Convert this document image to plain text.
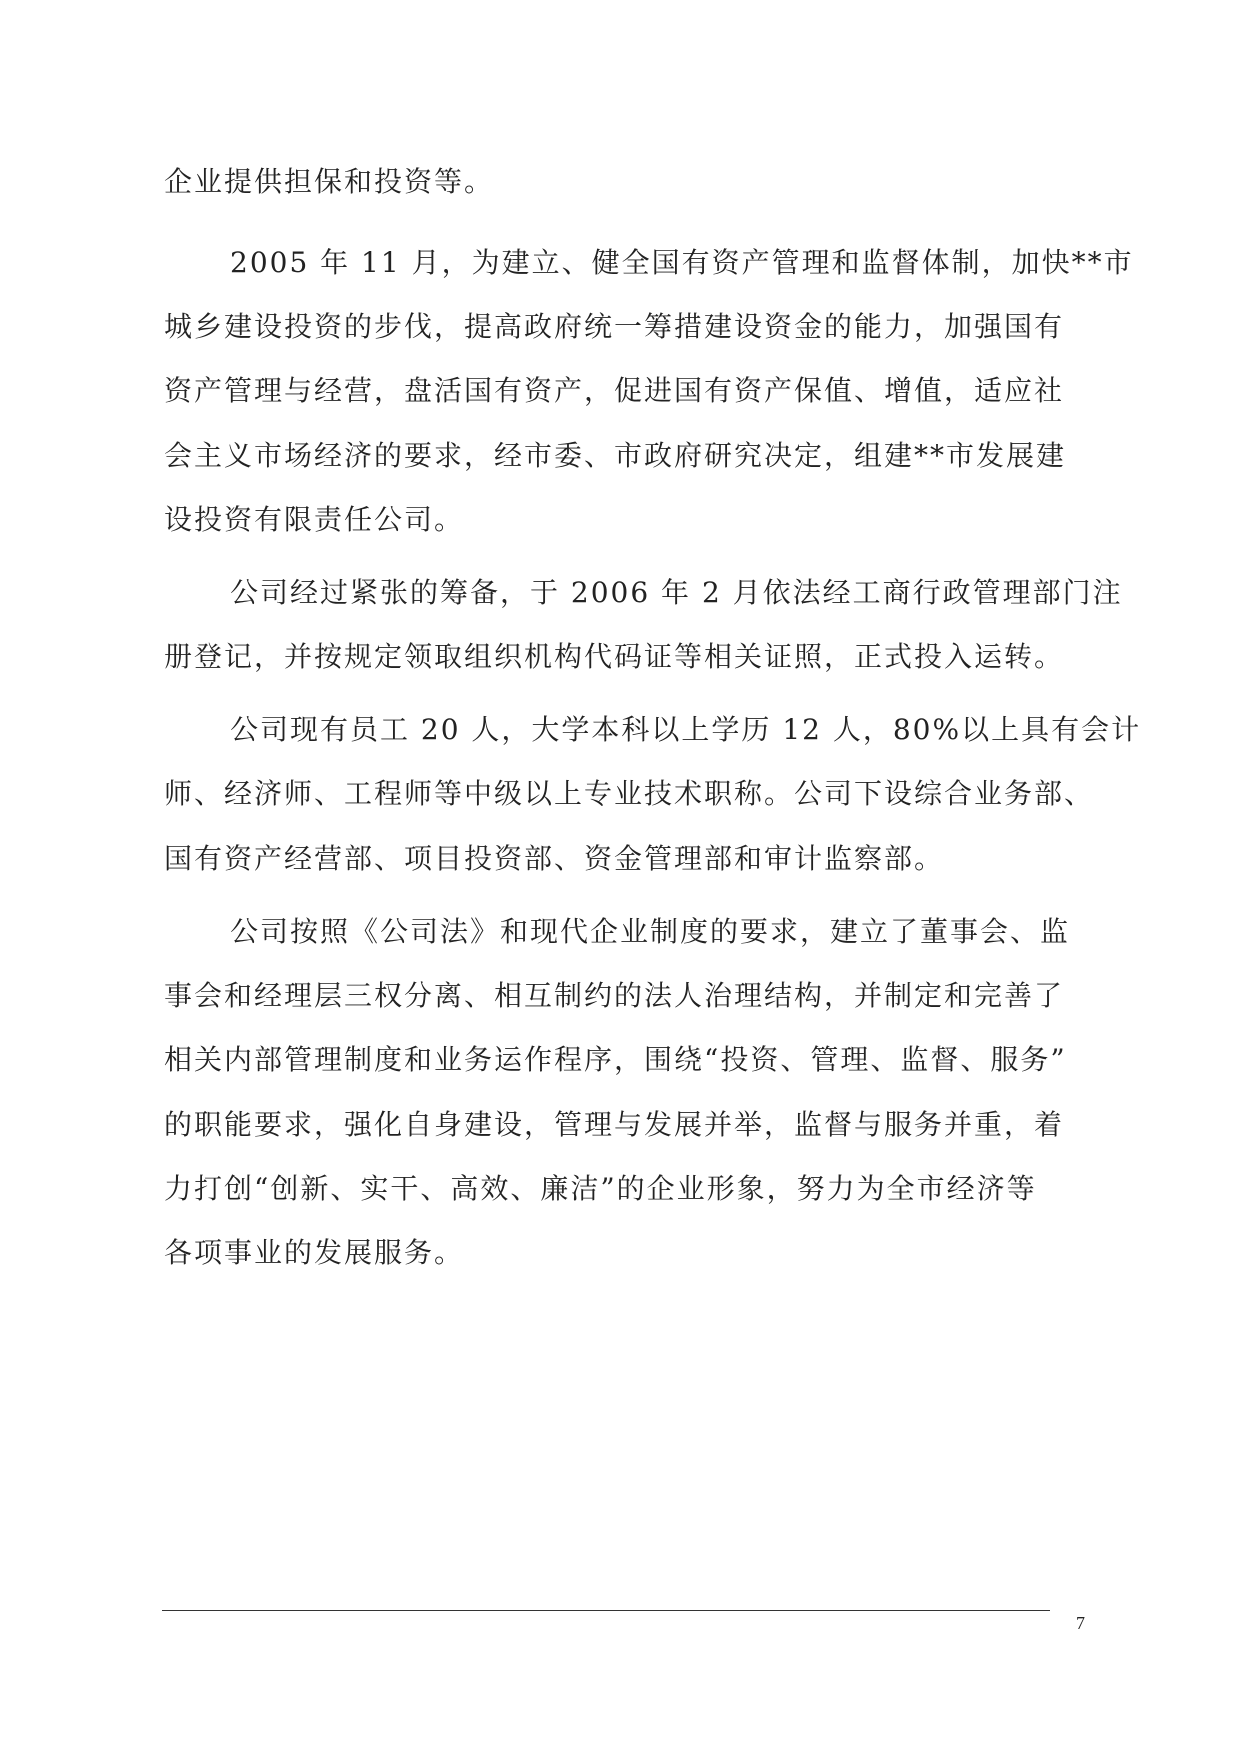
企业提供担保和投资等。
2005 年 11 月，为建立、健全国有资产管理和监督体制，加快**市
城乡建设投资的步伐，提高政府统一筹措建设资金的能力，加强国有
资产管理与经营，盘活国有资产，促进国有资产保值、增值，适应社
会主义市场经济的要求，经市委、市政府研究决定，组建**市发展建
设投资有限责任公司。
公司经过紧张的筹备，于 2006 年 2 月依法经工商行政管理部门注
册登记，并按规定领取组织机构代码证等相关证照，正式投入运转。
公司现有员工 20 人，大学本科以上学历 12 人，80%以上具有会计
师、经济师、工程师等中级以上专业技术职称。公司下设综合业务部、
国有资产经营部、项目投资部、资金管理部和审计监察部。
公司按照《公司法》和现代企业制度的要求，建立了董事会、监
事会和经理层三权分离、相互制约的法人治理结构，并制定和完善了
相关内部管理制度和业务运作程序，围绕“投资、管理、监督、服务”
的职能要求，强化自身建设，管理与发展并举，监督与服务并重，着
力打创“创新、实干、高效、廉洁”的企业形象，努力为全市经济等
各项事业的发展服务。
7
